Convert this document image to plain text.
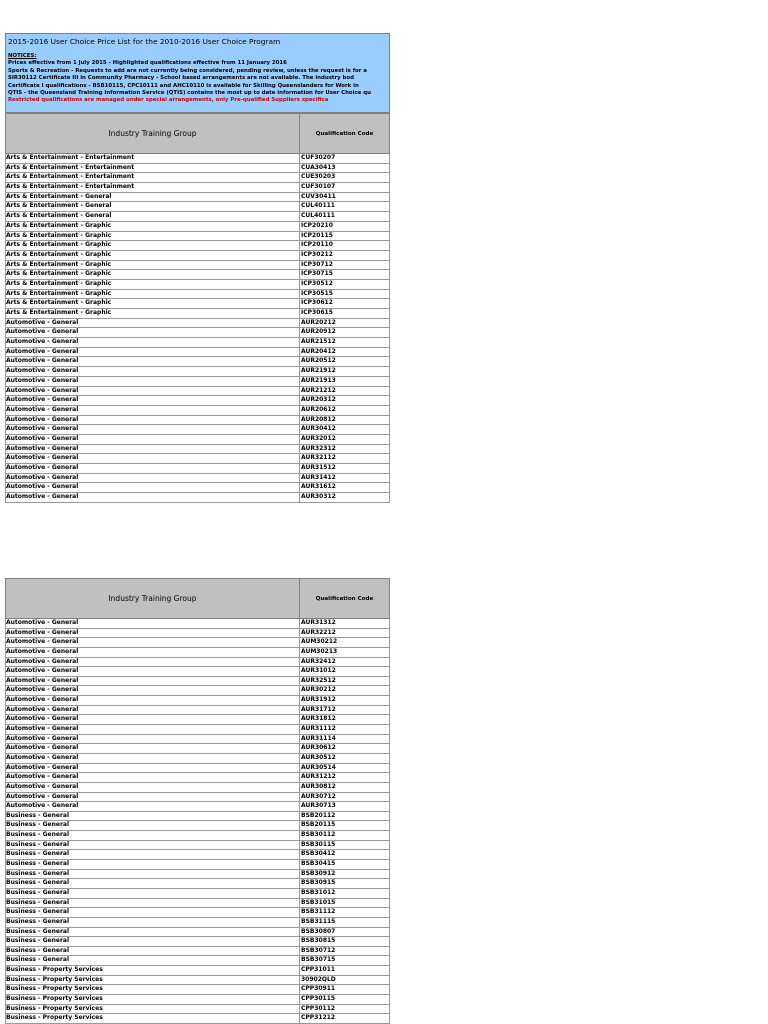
2015-2016 User Choice Price List for the 2010-2016 User Choice Program
NOTICES:
Prices effective from 1 July 2015 - Highlighted qualifications effective from 11 January 2016
Sports & Recreation - Requests to add are not currently being considered, pending review, unless the request is for a
SIR30112 Certificate III in Community Pharmacy - School based arrangements are not available. The industry bod
Certificate I qualifications - BSB10115, CPC10111 and AHC10110 is available for Skilling Queenslanders for Work in
QTIS - the Queensland Training Information Service (QTIS) contains the most up to date information for User Choice qu
Restricted qualifications are managed under special arrangements, only Pre-qualified Suppliers specifica
Industry Training Group	Qualification Code
Arts & Entertainment - Entertainment	CUF30207
Arts & Entertainment - Entertainment	CUA30413
Arts & Entertainment - Entertainment	CUE30203
Arts & Entertainment - Entertainment	CUF30107
Arts & Entertainment - General	CUV30411
Arts & Entertainment - General	CUL40111
Arts & Entertainment - General	CUL40111
Arts & Entertainment - Graphic	ICP20210
Arts & Entertainment - Graphic	ICP20115
Arts & Entertainment - Graphic	ICP20110
Arts & Entertainment - Graphic	ICP30212
Arts & Entertainment - Graphic	ICP30712
Arts & Entertainment - Graphic	ICP30715
Arts & Entertainment - Graphic	ICP30512
Arts & Entertainment - Graphic	ICP30515
Arts & Entertainment - Graphic	ICP30612
Arts & Entertainment - Graphic	ICP30615
Automotive - General	AUR20212
Automotive - General	AUR20912
Automotive - General	AUR21512
Automotive - General	AUR20412
Automotive - General	AUR20512
Automotive - General	AUR21912
Automotive - General	AUR21913
Automotive - General	AUR21212
Automotive - General	AUR20312
Automotive - General	AUR20612
Automotive - General	AUR20812
Automotive - General	AUR30412
Automotive - General	AUR32012
Automotive - General	AUR32312
Automotive - General	AUR32112
Automotive - General	AUR31512
Automotive - General	AUR31412
Automotive - General	AUR31612
Automotive - General	AUR30312
Industry Training Group	Qualification Code
Automotive - General	AUR31312
Automotive - General	AUR32212
Automotive - General	AUM30212
Automotive - General	AUM30213
Automotive - General	AUR32412
Automotive - General	AUR31012
Automotive - General	AUR32512
Automotive - General	AUR30212
Automotive - General	AUR31912
Automotive - General	AUR31712
Automotive - General	AUR31812
Automotive - General	AUR31112
Automotive - General	AUR31114
Automotive - General	AUR30612
Automotive - General	AUR30512
Automotive - General	AUR30514
Automotive - General	AUR31212
Automotive - General	AUR30812
Automotive - General	AUR30712
Automotive - General	AUR30713
Business - General	BSB20112
Business - General	BSB20115
Business - General	BSB30112
Business - General	BSB30115
Business - General	BSB30412
Business - General	BSB30415
Business - General	BSB30912
Business - General	BSB30915
Business - General	BSB31012
Business - General	BSB31015
Business - General	BSB31112
Business - General	BSB31115
Business - General	BSB30807
Business - General	BSB30815
Business - General	BSB30712
Business - General	BSB30715
Business - Property Services	CPP31011
Business - Property Services	30902QLD
Business - Property Services	CPP30911
Business - Property Services	CPP30115
Business - Property Services	CPP30112
Business - Property Services	CPP31212
